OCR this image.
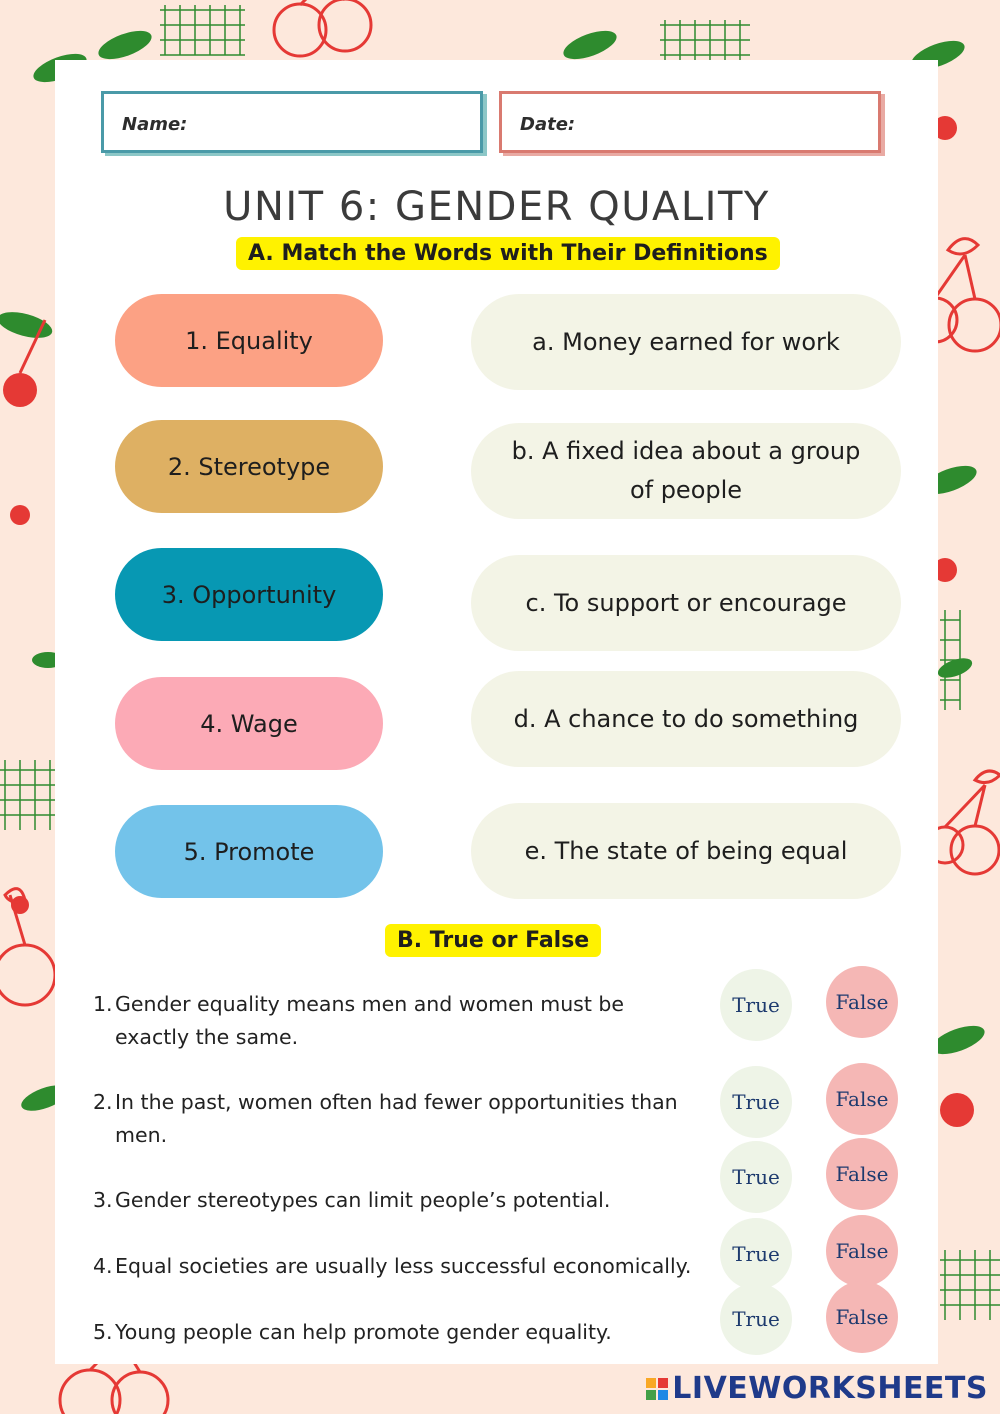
Name:	Date:
UNIT 6: GENDER QUALITY
A. Match the Words with Their Definitions
1. Equality
2. Stereotype
3. Opportunity
4. Wage
5. Promote
a. Money earned for work
b. A fixed idea about a group of people
c. To support or encourage
d. A chance to do something
e. The state of being equal
B. True or False
1. Gender equality means men and women must be exactly the same.
2. In the past, women often had fewer opportunities than men.
3. Gender stereotypes can limit people’s potential.
4. Equal societies are usually less successful economically.
5. Young people can help promote gender equality.
True	False
True	False
True	False
True	False
True	False
LIVEWORKSHEETS
